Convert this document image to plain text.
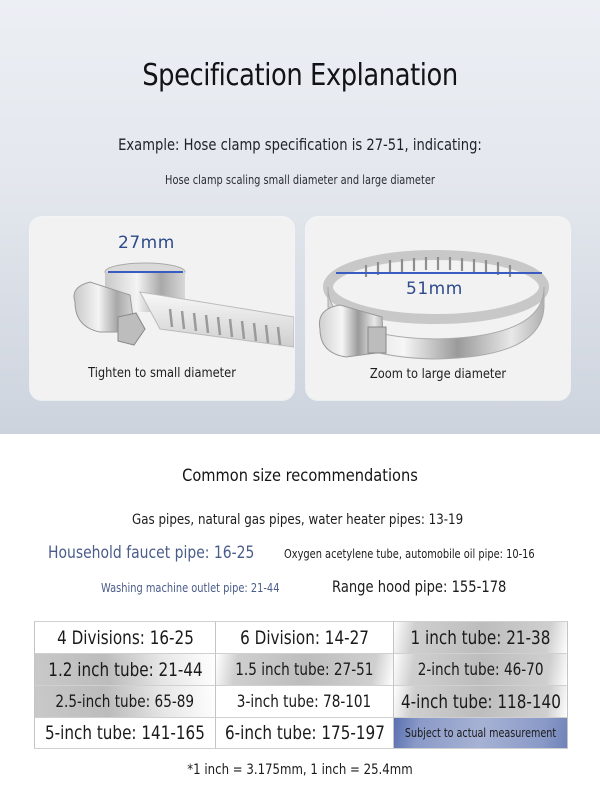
Specification Explanation
Example: Hose clamp specification is 27-51, indicating:
Hose clamp scaling small diameter and large diameter
27mm
Tighten to small diameter
51mm
Zoom to large diameter
Common size recommendations
Gas pipes, natural gas pipes, water heater pipes: 13-19
Household faucet pipe: 16-25 Oxygen acetylene tube, automobile oil pipe: 10-16
Washing machine outlet pipe: 21-44	Range hood pipe: 155-178
4 Divisions: 16-25 6 Division: 14-27 1 inch tube: 21-38
1.2 inch tube: 21-44 1.5 inch tube: 27-51	2-inch tube: 46-70
2.5-inch tube: 65-89	3-inch tube: 78-101 4-inch tube: 118-140
5-inch tube: 141-165 6-inch tube: 175-197 Subject to actual measurement
*1 inch = 3.175mm, 1 inch = 25.4mm
